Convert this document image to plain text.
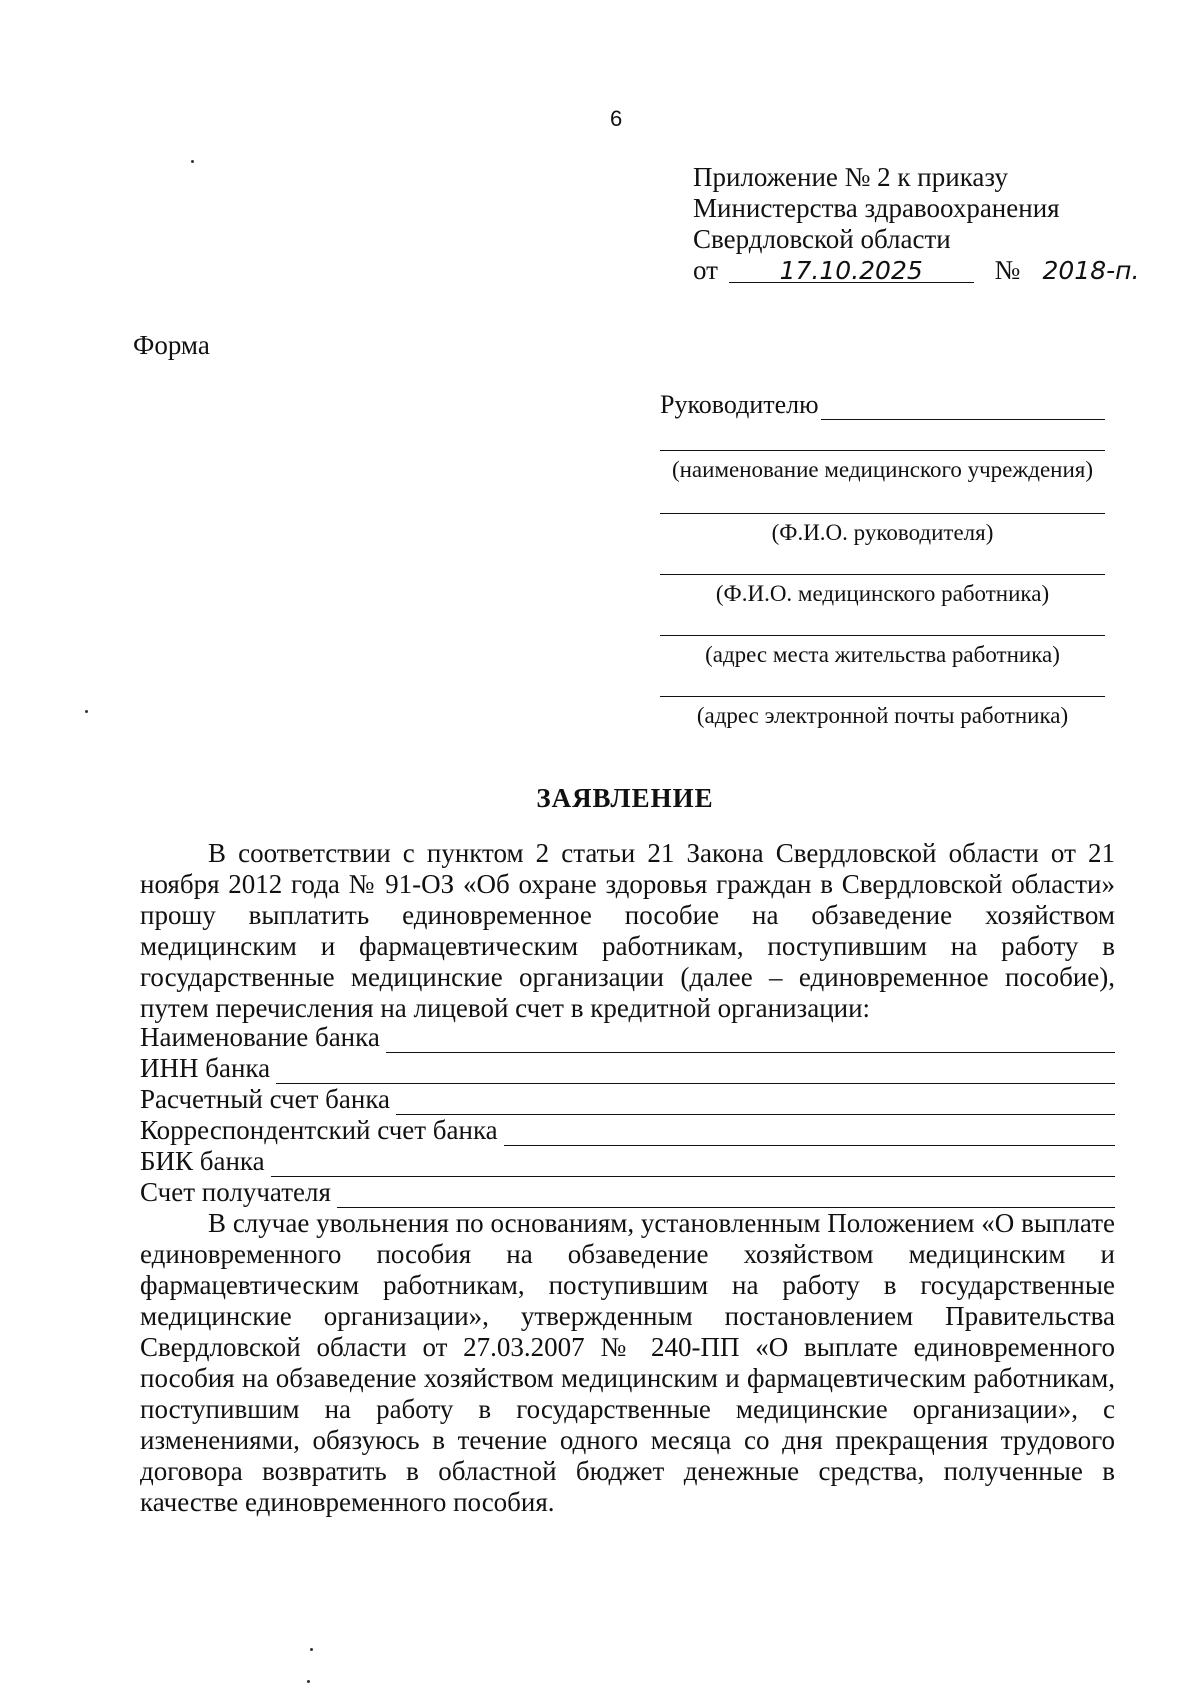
6
Приложение № 2 к приказу
Министерства здравоохранения
Свердловской области
от 17.10.2025	№ 2018-п.
Форма
Руководителю
(наименование медицинского учреждения)
(Ф.И.О. руководителя)
(Ф.И.О. медицинского работника)
(адрес места жительства работника)
(адрес электронной почты работника)
ЗАЯВЛЕНИЕ
В соответствии с пунктом 2 статьи 21 Закона Свердловской области от 21 ноября 2012 года № 91-ОЗ «Об охране здоровья граждан в Свердловской области» прошу выплатить единовременное пособие на обзаведение хозяйством медицинским и фармацевтическим работникам, поступившим на работу в государственные медицинские организации (далее – единовременное пособие), путем перечисления на лицевой счет в кредитной организации:
Наименование банка
ИНН банка
Расчетный счет банка
Корреспондентский счет банка
БИК банка
Счет получателя
В случае увольнения по основаниям, установленным Положением «О выплате единовременного пособия на обзаведение хозяйством медицинским и фармацевтическим работникам, поступившим на работу в государственные медицинские организации», утвержденным постановлением Правительства Свердловской области от 27.03.2007 № 240-ПП «О выплате единовременного пособия на обзаведение хозяйством медицинским и фармацевтическим работникам, поступившим на работу в государственные медицинские организации», с изменениями, обязуюсь в течение одного месяца со дня прекращения трудового договора возвратить в областной бюджет денежные средства, полученные в качестве единовременного пособия.
